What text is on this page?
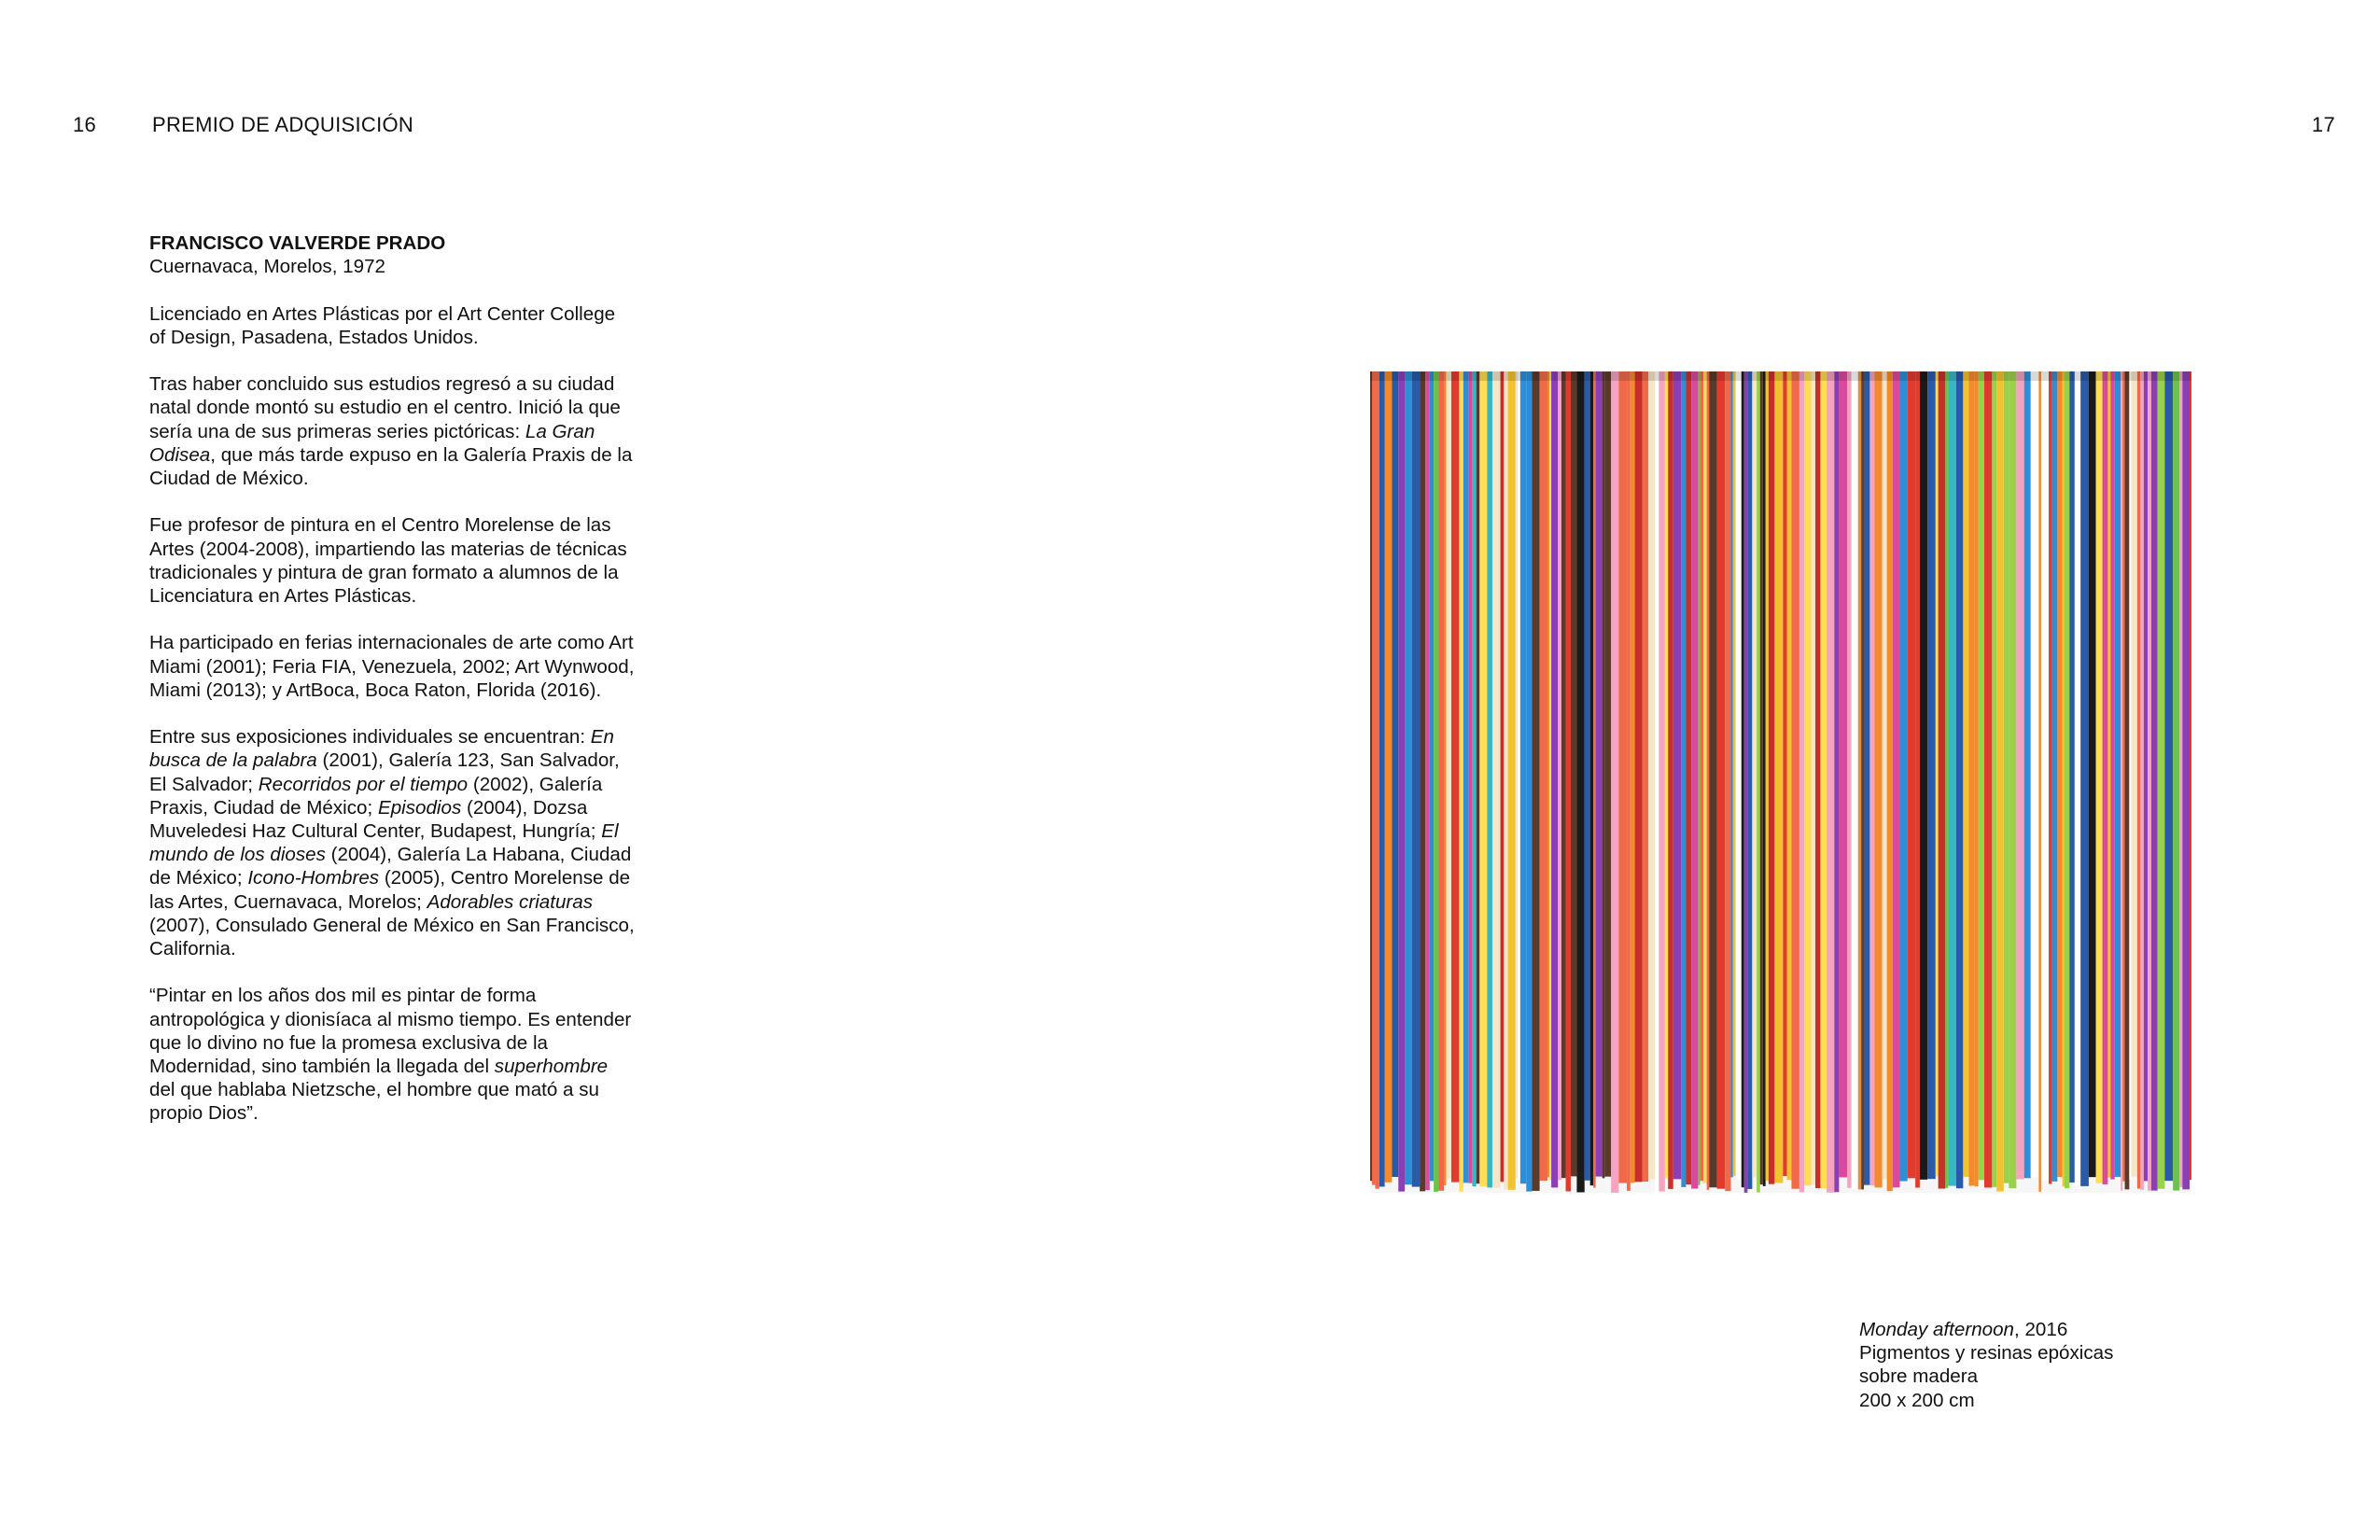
16	PREMIO DE ADQUISICIÓN	17

FRANCISCO VALVERDE PRADO
Cuernavaca, Morelos, 1972

Licenciado en Artes Plásticas por el Art Center College of Design, Pasadena, Estados Unidos.

Tras haber concluido sus estudios regresó a su ciudad natal donde montó su estudio en el centro. Inició la que sería una de sus primeras series pictóricas: La Gran Odisea, que más tarde expuso en la Galería Praxis de la Ciudad de México.

Fue profesor de pintura en el Centro Morelense de las Artes (2004-2008), impartiendo las materias de técnicas tradicionales y pintura de gran formato a alumnos de la Licenciatura en Artes Plásticas.

Ha participado en ferias internacionales de arte como Art Miami (2001); Feria FIA, Venezuela, 2002; Art Wynwood, Miami (2013); y ArtBoca, Boca Raton, Florida (2016).

Entre sus exposiciones individuales se encuentran: En busca de la palabra (2001), Galería 123, San Salvador, El Salvador; Recorridos por el tiempo (2002), Galería Praxis, Ciudad de México; Episodios (2004), Dozsa Muveledesi Haz Cultural Center, Budapest, Hungría; El mundo de los dioses (2004), Galería La Habana, Ciudad de México; Icono-Hombres (2005), Centro Morelense de las Artes, Cuernavaca, Morelos; Adorables criaturas (2007), Consulado General de México en San Francisco, California.

“Pintar en los años dos mil es pintar de forma antropológica y dionisíaca al mismo tiempo. Es entender que lo divino no fue la promesa exclusiva de la Modernidad, sino también la llegada del superhombre del que hablaba Nietzsche, el hombre que mató a su propio Dios”.

Monday afternoon, 2016
Pigmentos y resinas epóxicas
sobre madera
200 x 200 cm
